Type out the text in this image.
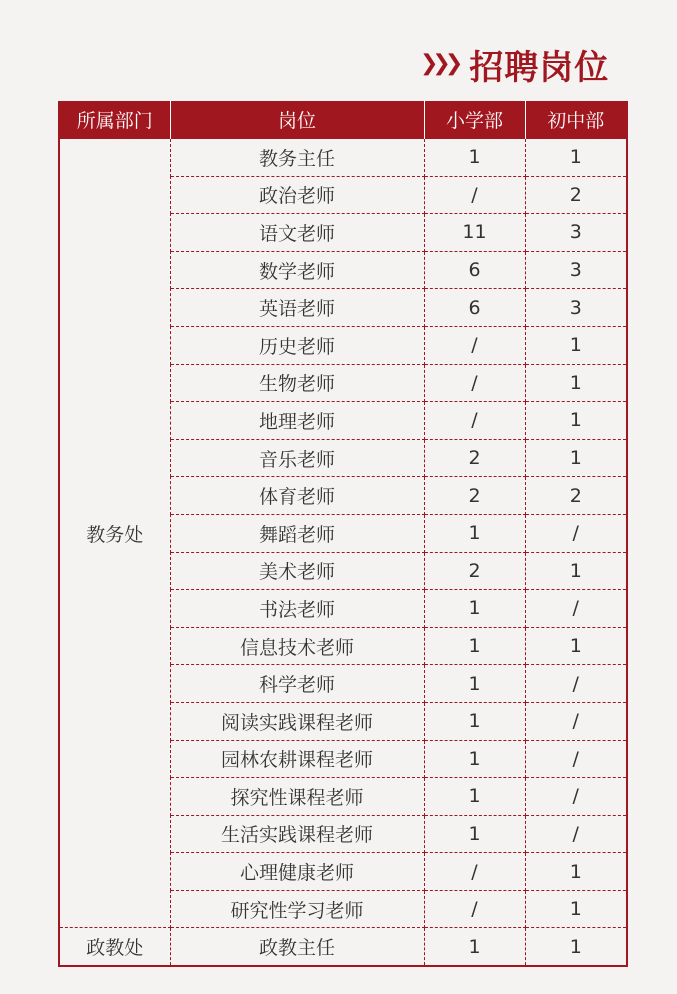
❯❯❯ 招聘岗位
所属部门	岗位	小学部	初中部
教务处	教务主任	1	1
	政治老师	/	2
	语文老师	11	3
	数学老师	6	3
	英语老师	6	3
	历史老师	/	1
	生物老师	/	1
	地理老师	/	1
	音乐老师	2	1
	体育老师	2	2
	舞蹈老师	1	/
	美术老师	2	1
	书法老师	1	/
	信息技术老师	1	1
	科学老师	1	/
	阅读实践课程老师	1	/
	园林农耕课程老师	1	/
	探究性课程老师	1	/
	生活实践课程老师	1	/
	心理健康老师	/	1
	研究性学习老师	/	1
政教处	政教主任	1	1
